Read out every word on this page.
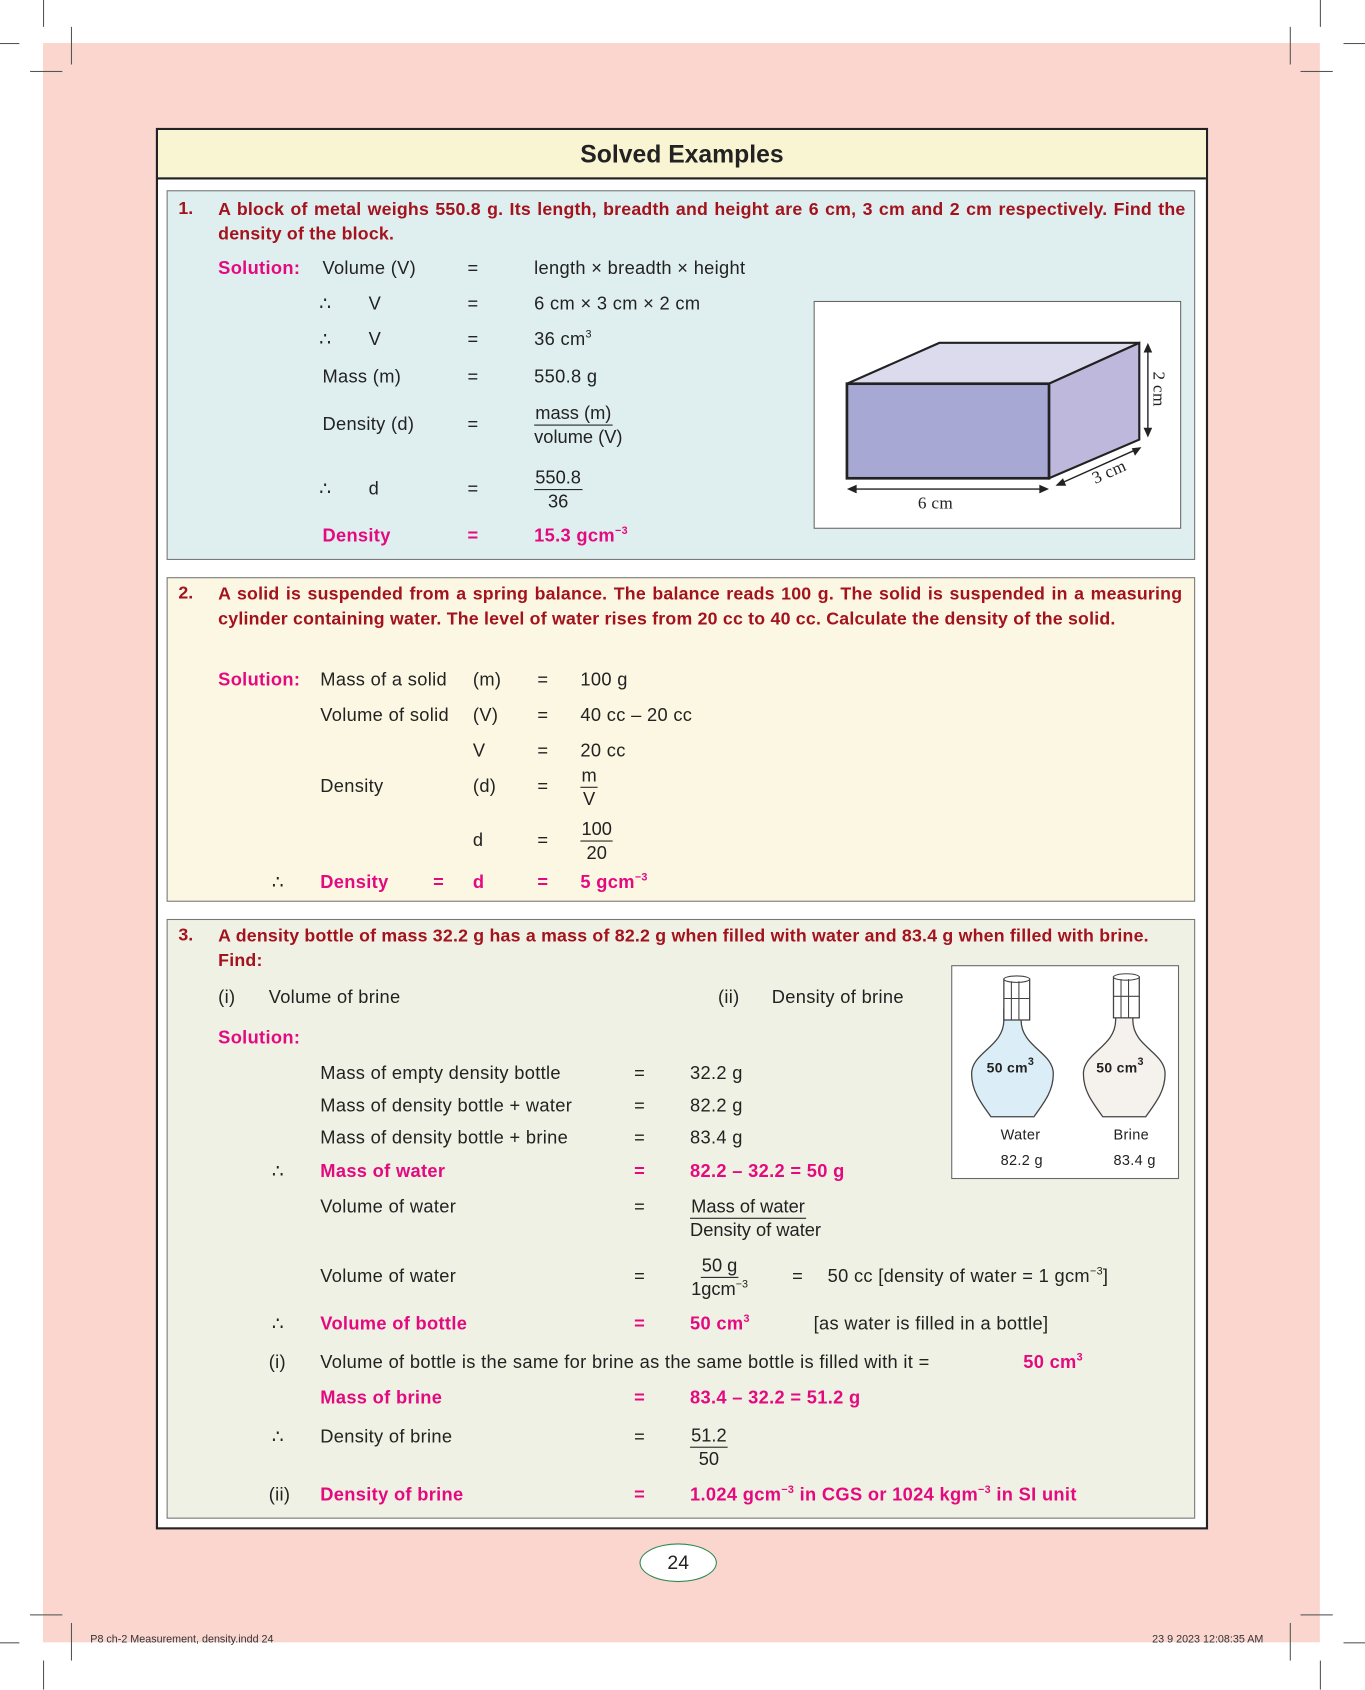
Solved Examples
1. A block of metal weighs 550.8 g. Its length, breadth and height are 6 cm, 3 cm and 2 cm respectively. Find the density of the block.
Solution: Volume (V)	=	length × breadth × height
∴ V	=	6 cm × 3 cm × 2 cm
∴ V	=	36 $cm^3$
Mass (m)	=	550.8 g
Density (d)	=
mass (m)
volume (V)
∴ d	=	$\frac{550.8}{36}$
Density	=	15.3 gcm$^{-3}$
6 cm
3 cm
2 cm
2. A solid is suspended from a spring balance. The balance reads 100 g. The solid is suspended in a measuring cylinder containing water. The level of water rises from 20 cc to 40 cc. Calculate the density of the solid.
Solution: Mass of a solid (m) = 100 g
Volume of solid (V) = 40 cc – 20 cc
V	= 20 cc
Density	$(d) = \frac{m}{V}$
d	= $\frac{100}{20}$
∴ Density	= d	= 5 gcm$^{-3}$
3. A density bottle of mass 32.2 g has a mass of 82.2 g when filled with water and 83.4 g when filled with brine. Find:
(i) Volume of brine	(ii) Density of brine
Solution:
Mass of empty density bottle	=	32.2 g
Mass of density bottle + water	=	82.2 g
Mass of density bottle + brine	=	83.4 g
∴ Mass of water	=	82.2 – 32.2 = 50 g
Volume of water	=	Mass of water
Density of water
Volume of water	=
50 g
1gcm$^{-3}$	= 50 cc [density of water = 1 gcm$^{-3}$]
∴ Volume of bottle	=	50 $cm^3$	[as water is filled in a bottle]
(i) Volume of bottle is the same for brine as the same bottle is filled with it =	50 $cm^3$
Mass of brine	=	83.4 – 32.2 = 51.2 g
∴ Density of brine	=	$\frac{51.2}{50}$
(ii) Density of brine	=	1.024 gcm$^{-3}$ in CGS or 1024 kgm$^{-3}$ in SI unit
50 $cm^3$	50 $cm^3$
Water
82.2 g
Brine
83.4 g
24
P8 ch-2 Measurement, density.indd 24	23 9 2023 12:08:35 AM
